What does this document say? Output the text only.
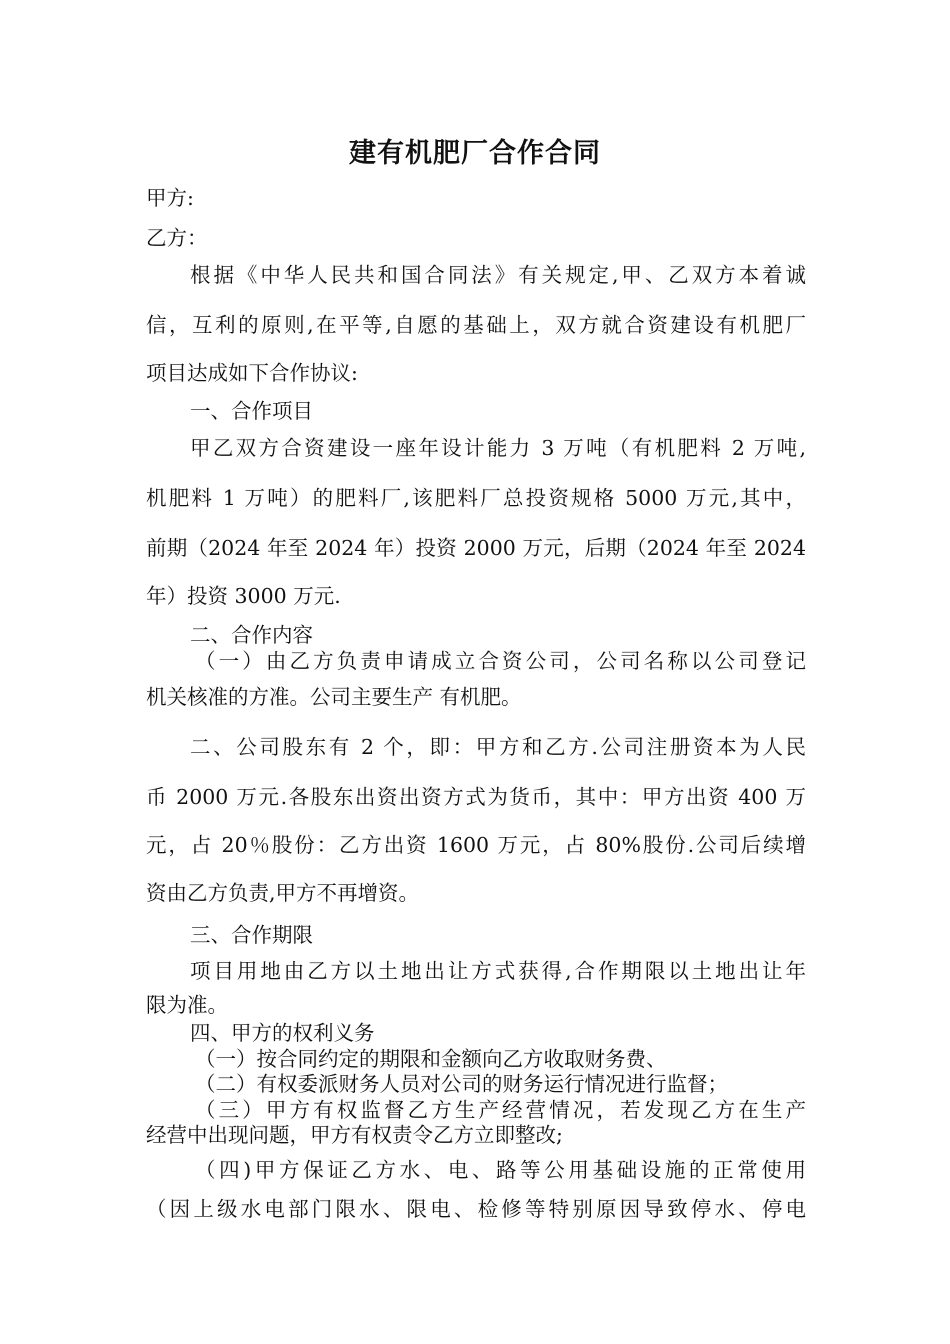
建有机肥厂合作合同
甲方:
乙方：
根据《中华人民共和国合同法》有关规定,甲、乙双方本着诚
信，互利的原则,在平等,自愿的基础上，双方就合资建设有机肥厂
项目达成如下合作协议:
一、合作项目
甲乙双方合资建设一座年设计能力 3 万吨（有机肥料 2 万吨,
机肥料 1 万吨）的肥料厂,该肥料厂总投资规格 5000 万元,其中，
前期（2024 年至 2024 年）投资 2000 万元，后期（2024 年至 2024
年）投资 3000 万元.
二、合作内容
（一）由乙方负责申请成立合资公司，公司名称以公司登记
机关核准的方准。公司主要生产 有机肥。
二、公司股东有 2 个，即：甲方和乙方.公司注册资本为人民
币 2000 万元.各股东出资出资方式为货币，其中：甲方出资 400 万
元，占 20％股份：乙方出资 1600 万元，占 80%股份.公司后续增
资由乙方负责,甲方不再增资。
三、合作期限
项目用地由乙方以土地出让方式获得,合作期限以土地出让年
限为准。
四、甲方的权利义务
（一）按合同约定的期限和金额向乙方收取财务费、
（二）有权委派财务人员对公司的财务运行情况进行监督；
（三）甲方有权监督乙方生产经营情况，若发现乙方在生产
经营中出现问题，甲方有权责令乙方立即整改;
（四)甲方保证乙方水、电、路等公用基础设施的正常使用
（因上级水电部门限水、限电、检修等特别原因导致停水、停电
